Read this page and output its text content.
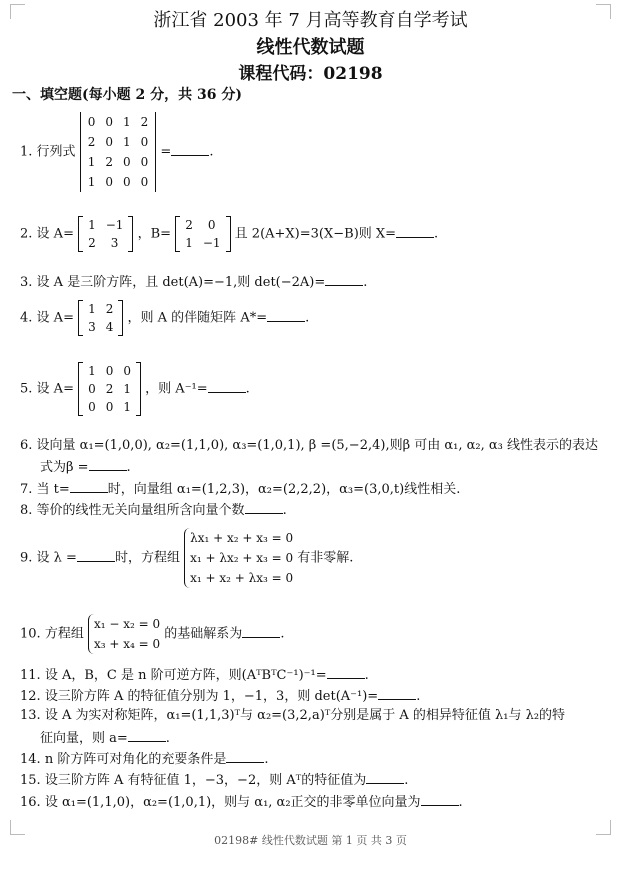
浙江省 2003 年 7 月高等教育自学考试
线性代数试题
课程代码：02198
一、填空题(每小题 2 分，共 36 分)
1. 行列式
0 0 1 2
2 0 1 0
1 2 0 0
1 0 0 0
=	.
2. 设 A=
1 −1
2	3
，B=
2	0
1 −1
且 2(A+X)=3(X−B)则 X=	.
3. 设 A 是三阶方阵，且 det(A)=−1,则 det(−2A)=	.
4. 设 A=
1 2
3 4
，则 A 的伴随矩阵 A*=	.
5. 设 A=
1 0 0
0 2 1
0 0 1
，则 A⁻¹=	.
6. 设向量 α₁=(1,0,0), α₂=(1,1,0), α₃=(1,0,1), β =(5,−2,4),则β 可由 α₁, α₂, α₃ 线性表示的表达
式为β =	.
7. 当 t=	时，向量组 α₁=(1,2,3)，α₂=(2,2,2)，α₃=(3,0,t)线性相关.
8. 等价的线性无关向量组所含向量个数	.
9. 设 λ =	时，方程组 λx₁ + x₂ + x₃ = 0
x₁ + λx₂ + x₃ = 0
x₁ + x₂ + λx₃ = 0 有非零解.
10. 方程组 x₁ − x₂ = 0
x₃ + x₄ = 0 的基础解系为	.
11. 设 A，B，C 是 n 阶可逆方阵，则(AᵀBᵀC⁻¹)⁻¹=	.
12. 设三阶方阵 A 的特征值分别为 1，−1，3，则 det(A⁻¹)=	.
13. 设 A 为实对称矩阵，α₁=(1,1,3)ᵀ与 α₂=(3,2,a)ᵀ分别是属于 A 的相异特征值 λ₁与 λ₂的特
征向量，则 a=	.
14. n 阶方阵可对角化的充要条件是	.
15. 设三阶方阵 A 有特征值 1，−3，−2，则 Aᵀ的特征值为	.
16. 设 α₁=(1,1,0)，α₂=(1,0,1)，则与 α₁, α₂正交的非零单位向量为	.
02198# 线性代数试题 第 1 页 共 3 页
